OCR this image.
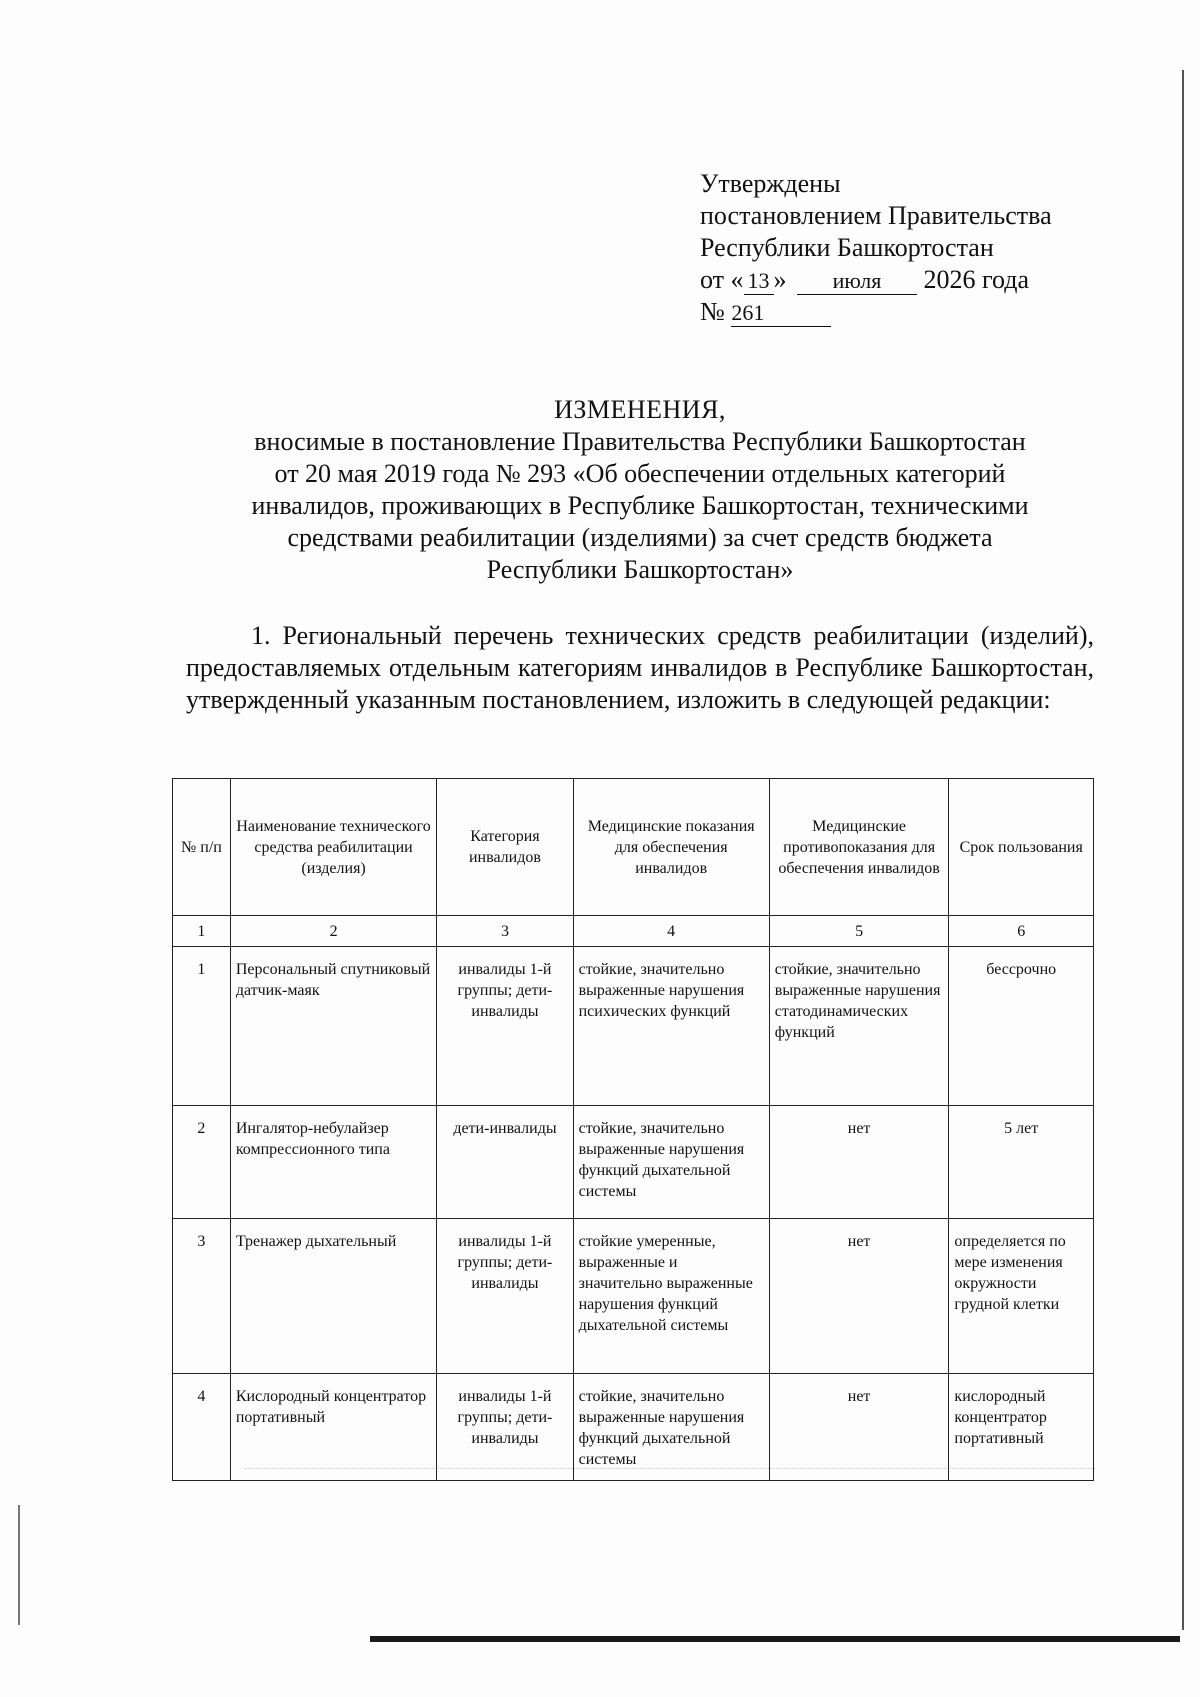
Утверждены
постановлением Правительства
Республики Башкортостан
от « 13 » июля 2026 года
№ 261
ИЗМЕНЕНИЯ,
вносимые в постановление Правительства Республики Башкортостан
от 20 мая 2019 года № 293 «Об обеспечении отдельных категорий
инвалидов, проживающих в Республике Башкортостан, техническими
средствами реабилитации (изделиями) за счет средств бюджета
Республики Башкортостан»

1. Региональный перечень технических средств реабилитации (изделий), предоставляемых отдельным категориям инвалидов в Республике Башкортостан, утвержденный указанным постановлением, изложить в следующей редакции:

№ п/п	Наименование технического средства реабилитации (изделия)	Категория инвалидов	Медицинские показания для обеспечения инвалидов	Медицинские противопоказания для обеспечения инвалидов	Срок пользования
1	2	3	4	5	6
1	Персональный спутниковый датчик-маяк	инвалиды 1-й группы; дети-инвалиды	стойкие, значительно выраженные нарушения психических функций	стойкие, значительно выраженные нарушения статодинамических функций	бессрочно
2	Ингалятор-небулайзер компрессионного типа	дети-инвалиды	стойкие, значительно выраженные нарушения функций дыхательной системы	нет	5 лет
3	Тренажер дыхательный	инвалиды 1-й группы; дети-инвалиды	стойкие умеренные, выраженные и значительно выраженные нарушения функций дыхательной системы	нет	определяется по мере изменения окружности грудной клетки
4	Кислородный концентратор портативный	инвалиды 1-й группы; дети-инвалиды	стойкие, значительно выраженные нарушения функций дыхательной системы	нет	кислородный концентратор портативный
